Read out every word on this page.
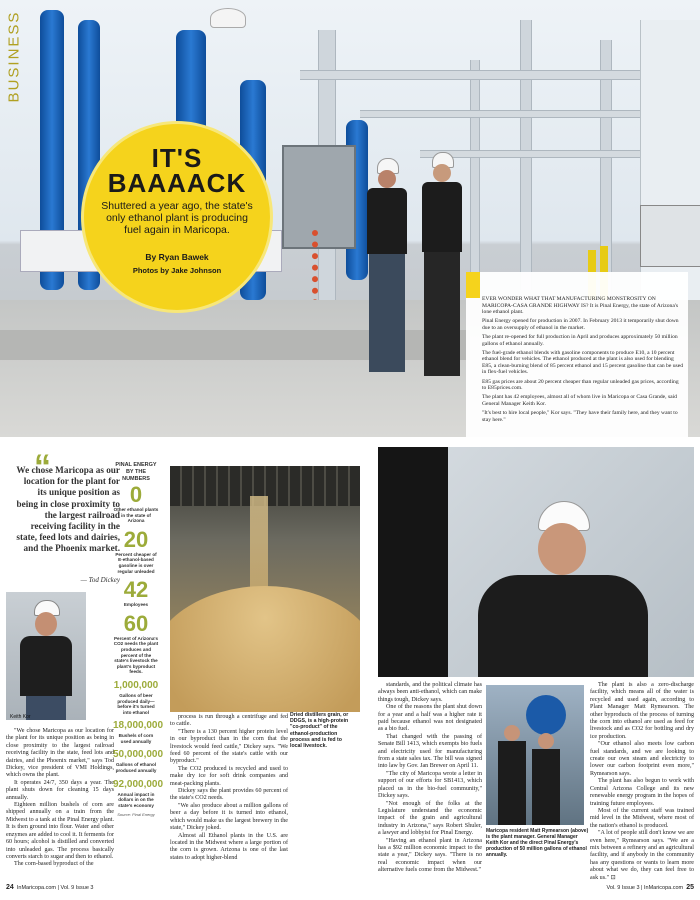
BUSINESS
IT'S BAAAACK
Shuttered a year ago, the state's only ethanol plant is producing fuel again in Maricopa.
By Ryan Bawek
Photos by Jake Johnson

EVER WONDER WHAT THAT MANUFACTURING MONSTROSITY ON MARICOPA-CASA GRANDE HIGHWAY IS? It is Pinal Energy, the state of Arizona's lone ethanol plant.

Pinal Energy opened for production in 2007. In February 2013 it temporarily shut down due to an oversupply of ethanol in the market.

The plant re-opened for full production in April and produces approximately 50 million gallons of ethanol annually.

The fuel-grade ethanol blends with gasoline components to produce E10, a 10 percent ethanol blend for vehicles. The ethanol produced at the plant is also used for blending E85, a clean-burning blend of 85 percent ethanol and 15 percent gasoline that can be used in flex-fuel vehicles.

E85 gas prices are about 20 percent cheaper than regular unleaded gas prices, according to E85prices.com.

The plant has 42 employees, almost all of whom live in Maricopa or Casa Grande, said General Manager Keith Kor.

"It's best to hire local people," Kor says. "They have their family here, and they want to stay here."

“
We chose Maricopa as our location for the plant for its unique position as being in close proximity to the largest railroad receiving facility in the state, feed lots and dairies, and the Phoenix market.
— Tod Dickey
Keith Kor

"We chose Maricopa as our location for the plant for its unique position as being in close proximity to the largest railroad receiving facility in the state, feed lots and dairies, and the Phoenix market," says Tod Dickey, vice president of VMI Holdings, which owns the plant.

It operates 24/7, 350 days a year. The plant shuts down for cleaning 15 days annually.

Eighteen million bushels of corn are shipped annually on a train from the Midwest to a tank at the Pinal Energy plant. It is then ground into flour. Water and other enzymes are added to cool it. It ferments for 60 hours; alcohol is distilled and converted into unleaded gas. The process basically converts starch to sugar and then to ethanol.

The corn-based byproduct of the

PINAL ENERGY BY THE NUMBERS
0
Other ethanol plants in the state of Arizona
20
Percent cheaper of E-ethanol-based gasoline is over regular unleaded
42
Employees
60
Percent of Arizona's CO2 needs the plant produces and percent of the state's livestock the plant's byproduct feeds.
1,000,000
Gallons of beer produced daily—before it's turned into ethanol
18,000,000
Bushels of corn used annually
50,000,000
Gallons of ethanol produced annually
92,000,000
Annual impact in dollars in on the state's economy
Source: Pinal Energy

process is run through a centrifuge and fed to cattle.

"There is a 130 percent higher protein level in our byproduct than in the corn that the livestock would feed cattle," Dickey says. "We feed 60 percent of the state's cattle with our byproduct."

The CO2 produced is recycled and used to make dry ice for soft drink companies and meat-packing plants.

Dickey says the plant provides 60 percent of the state's CO2 needs.

"We also produce about a million gallons of beer a day before it is turned into ethanol, which would make us the largest brewery in the state," Dickey joked.

Almost all Ethanol plants in the U.S. are located in the Midwest where a large portion of the corn is grown. Arizona is one of the last states to adopt higher-blend

Dried distillers grain, or DDGS, is a high-protein "co-product" of the ethanol-production process and is fed to local livestock.

standards, and the political climate has always been anti-ethanol, which can make things tough, Dickey says.

One of the reasons the plant shut down for a year and a half was a higher rate it paid because ethanol was not designated as a bio fuel.

That changed with the passing of Senate Bill 1413, which exempts bio fuels and electricity used for manufacturing from a state sales tax. The bill was signed into law by Gov. Jan Brewer on April 11.

"The city of Maricopa wrote a letter in support of our efforts for SB1413, which placed us in the bio-fuel community," Dickey says.

"Not enough of the folks at the Legislature understand the economic impact of the grain and agricultural industry in Arizona," says Robert Shuler, a lawyer and lobbyist for Pinal Energy.

"Having an ethanol plant in Arizona has a $92 million economic impact to the state a year," Dickey says. "There is no real economic impact when our alternative fuels come from the Midwest."

Maricopa resident Matt Rymearson (above) is the plant manager. General Manager Keith Kor and the direct Pinal Energy's production of 50 million gallons of ethanol annually.

The plant is also a zero-discharge facility, which means all of the water is recycled and used again, according to Plant Manager Matt Rymearson. The other byproducts of the process of turning the corn into ethanol are used as feed for livestock and as CO2 for bottling and dry ice production.

"Our ethanol also meets low carbon fuel standards, and we are looking to create our own steam and electricity to lower our carbon footprint even more," Rymearson says.

The plant has also begun to work with Central Arizona College and its new renewable energy program in the hopes of training future employees.

Most of the current staff was trained mid level in the Midwest, where most of the nation's ethanol is produced.

"A lot of people still don't know we are even here," Rymearson says. "We are a mix between a refinery and an agricultural facility, and if anybody in the community has any questions or wants to learn more about what we do, they can feel free to ask us." ⊡

24 InMaricopa.com | Vol. 9 Issue 3	Vol. 9 Issue 3 | InMaricopa.com 25
